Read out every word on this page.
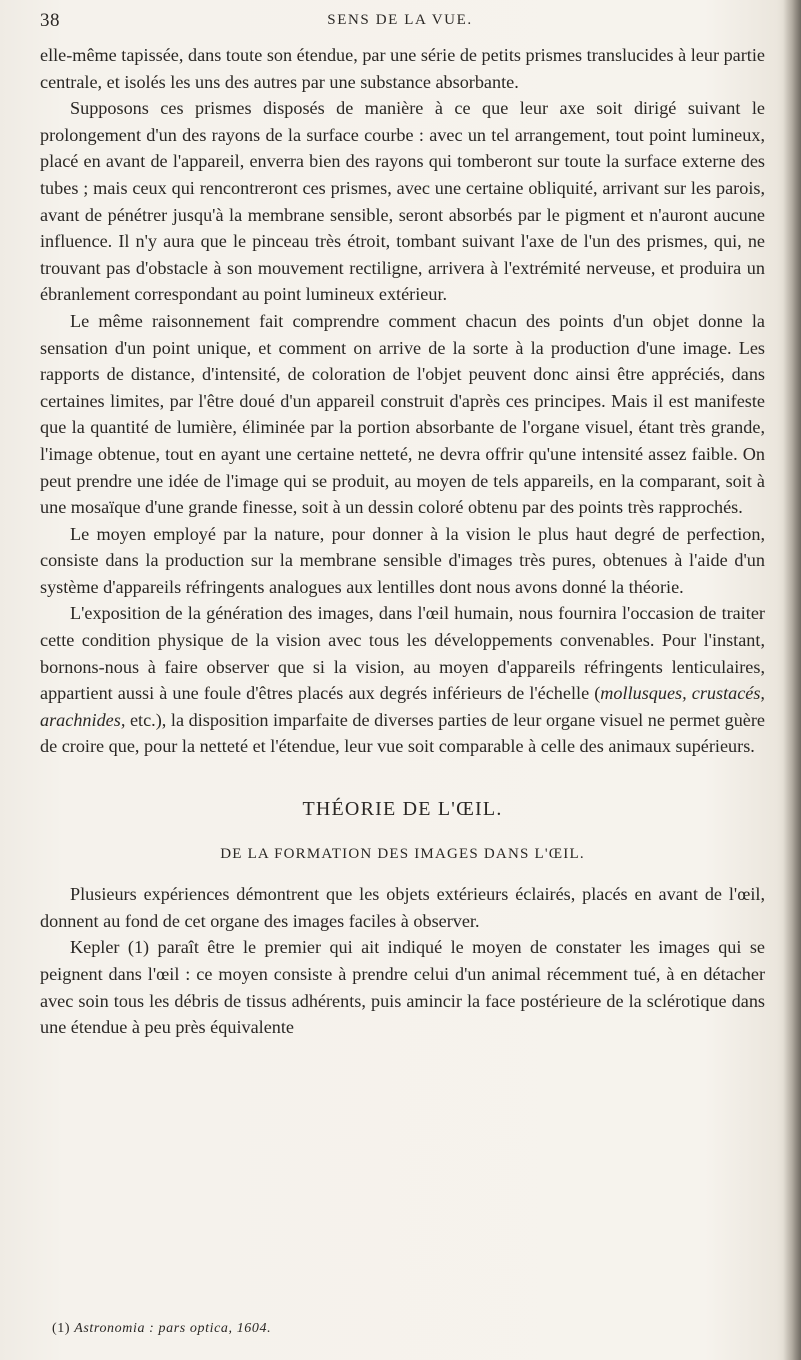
38	SENS DE LA VUE.

elle-même tapissée, dans toute son étendue, par une série de petits prismes translucides à leur partie centrale, et isolés les uns des autres par une substance absorbante.

Supposons ces prismes disposés de manière à ce que leur axe soit dirigé suivant le prolongement d'un des rayons de la surface courbe : avec un tel arrangement, tout point lumineux, placé en avant de l'appareil, enverra bien des rayons qui tomberont sur toute la surface externe des tubes ; mais ceux qui rencontreront ces prismes, avec une certaine obliquité, arrivant sur les parois, avant de pénétrer jusqu'à la membrane sensible, seront absorbés par le pigment et n'auront aucune influence. Il n'y aura que le pinceau très étroit, tombant suivant l'axe de l'un des prismes, qui, ne trouvant pas d'obstacle à son mouvement rectiligne, arrivera à l'extrémité nerveuse, et produira un ébranlement correspondant au point lumineux extérieur.

Le même raisonnement fait comprendre comment chacun des points d'un objet donne la sensation d'un point unique, et comment on arrive de la sorte à la production d'une image. Les rapports de distance, d'intensité, de coloration de l'objet peuvent donc ainsi être appréciés, dans certaines limites, par l'être doué d'un appareil construit d'après ces principes. Mais il est manifeste que la quantité de lumière, éliminée par la portion absorbante de l'organe visuel, étant très grande, l'image obtenue, tout en ayant une certaine netteté, ne devra offrir qu'une intensité assez faible. On peut prendre une idée de l'image qui se produit, au moyen de tels appareils, en la comparant, soit à une mosaïque d'une grande finesse, soit à un dessin coloré obtenu par des points très rapprochés.

Le moyen employé par la nature, pour donner à la vision le plus haut degré de perfection, consiste dans la production sur la membrane sensible d'images très pures, obtenues à l'aide d'un système d'appareils réfringents analogues aux lentilles dont nous avons donné la théorie.

L'exposition de la génération des images, dans l'œil humain, nous fournira l'occasion de traiter cette condition physique de la vision avec tous les développements convenables. Pour l'instant, bornons-nous à faire observer que si la vision, au moyen d'appareils réfringents lenticulaires, appartient aussi à une foule d'êtres placés aux degrés inférieurs de l'échelle (mollusques, crustacés, arachnides, etc.), la disposition imparfaite de diverses parties de leur organe visuel ne permet guère de croire que, pour la netteté et l'étendue, leur vue soit comparable à celle des animaux supérieurs.

THÉORIE DE L'ŒIL.
DE LA FORMATION DES IMAGES DANS L'ŒIL.

Plusieurs expériences démontrent que les objets extérieurs éclairés, placés en avant de l'œil, donnent au fond de cet organe des images faciles à observer.

Kepler (1) paraît être le premier qui ait indiqué le moyen de constater les images qui se peignent dans l'œil : ce moyen consiste à prendre celui d'un animal récemment tué, à en détacher avec soin tous les débris de tissus adhérents, puis amincir la face postérieure de la sclérotique dans une étendue à peu près équivalente

(1) Astronomia : pars optica, 1604.
